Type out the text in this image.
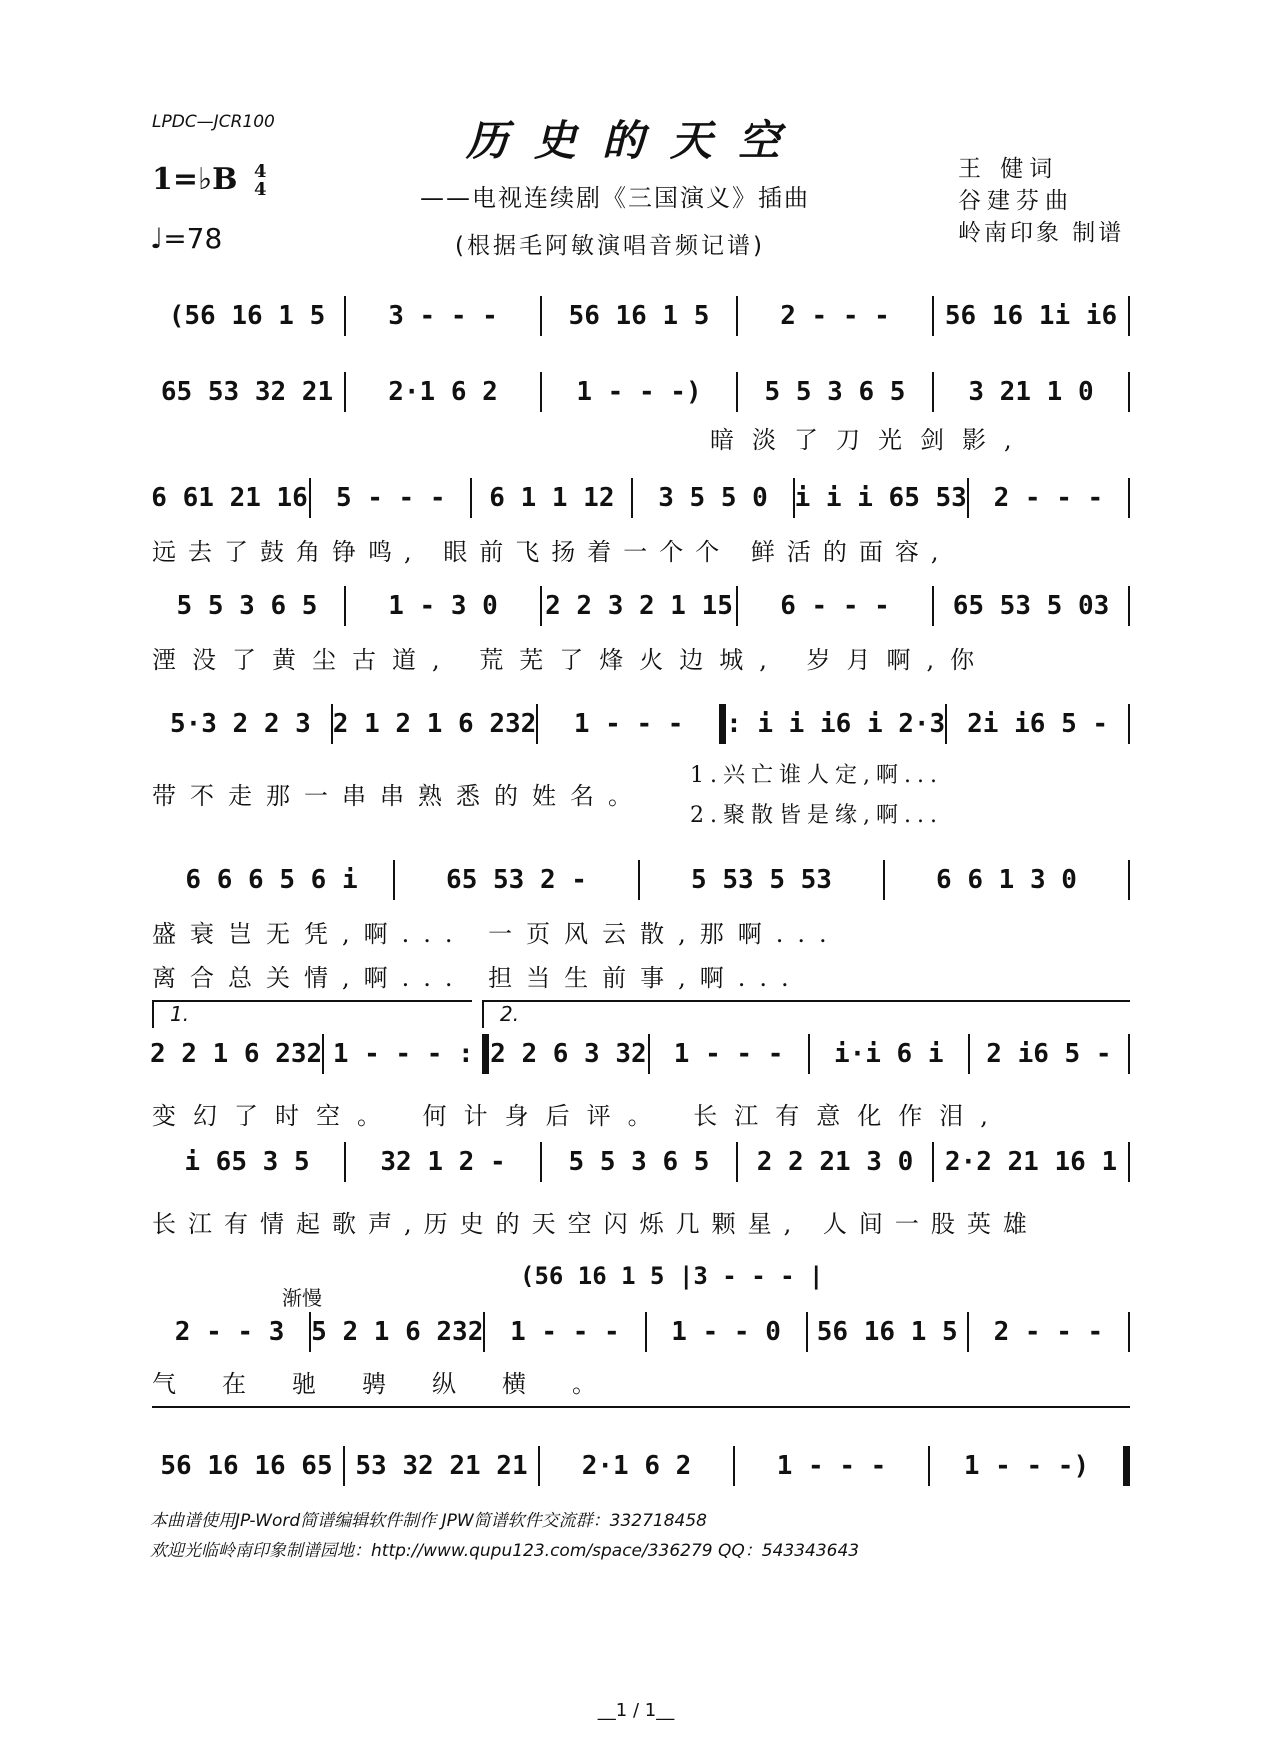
LPDC—JCR100	历史的天空
1=♭B 4
4
♩=78
——电视连续剧《三国演义》插曲
(根据毛阿敏演唱音频记谱)
王 健词
谷建芬曲
岭南印象 制谱
(56 16 1 5	3 - - -	56 16 1 5	2 - - -	56 16 1i i6
65 53 32 21	2·1 6 2	1 - - -)	5 5 3 6 5	3 21 1 0
暗淡了刀光剑影,
6 61 21 16	5 - - -	6 1 1 12	3 5 5 0	i i i 65 53	2 - - -
远去了鼓角铮鸣, 眼前飞扬着一个个 鲜活的面容,
5 5 3 6 5	1 - 3 0	2 2 3 2 1 15	6 - - -	65 53 5 03
湮没了黄尘古道, 荒芜了烽火边城, 岁月啊,你
5·3 2 2 3 2 1 2 1 6 232	1 - - -	: i i i6 i 2·3 2i i6 5 -
带不走那一串串熟悉的姓名。
1.兴亡谁人定,啊...
2.聚散皆是缘,啊...
6 6 6 5 6 i	65 53 2 -	5 53 5 53	6 6 1 3 0
盛衰岂无凭,啊... 一页风云散,那啊...
离合总关情,啊... 担当生前事,啊...
1.	2.
2 2 1 6 232 1 - - - : 2 2 6 3 32	1 - - -	i·i 6 i	2 i6 5 -
变幻了时空。 何计身后评。 长江有意化作泪,
i 65 3 5	32 1 2 -	5 5 3 6 5	2 2 21 3 0	2·2 21 16 1
长江有情起歌声,历史的天空闪烁几颗星, 人间一股英雄
(56 16 1 5 |3 - - - |
渐慢
2 - - 3	5 2 1 6 232	1 - - -	1 - - 0	56 16 1 5	2 - - -
气在驰骋纵横。
56 16 16 65 53 32 21 21	2·1 6 2	1 - - -	1 - - -)
本曲谱使用JP-Word简谱编辑软件制作 JPW简谱软件交流群：332718458
欢迎光临岭南印象制谱园地：http://www.qupu123.com/space/336279 QQ：543343643
__1 / 1__
